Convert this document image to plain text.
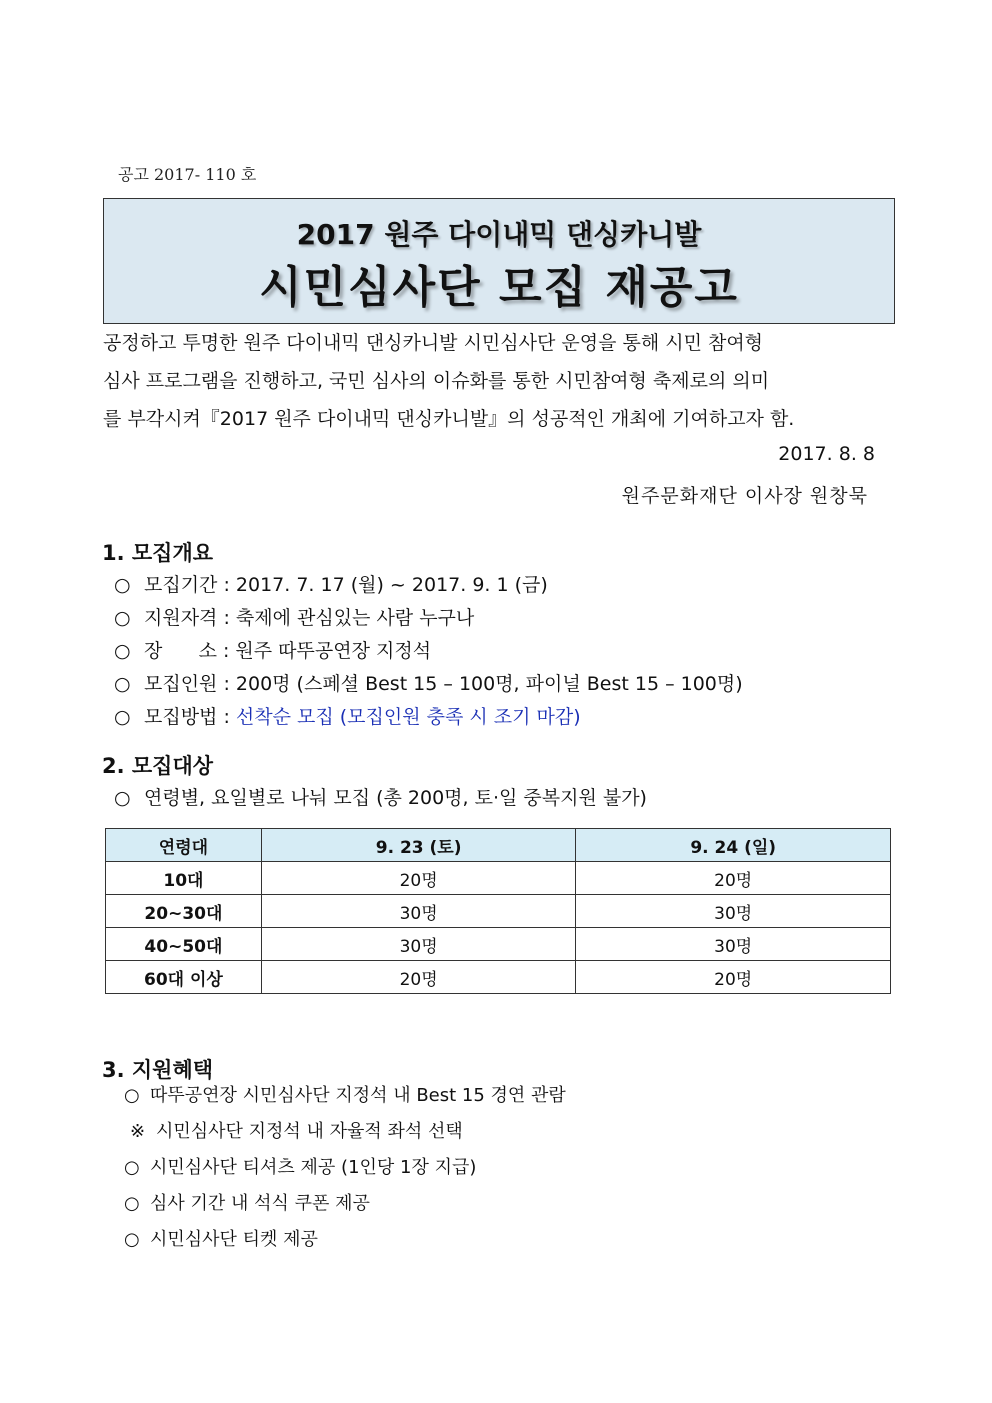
공고 2017- 110 호
2017 원주 다이내믹 댄싱카니발
시민심사단 모집 재공고

공정하고 투명한 원주 다이내믹 댄싱카니발 시민심사단 운영을 통해 시민 참여형

심사 프로그램을 진행하고, 국민 심사의 이슈화를 통한 시민참여형 축제로의 의미

를 부각시켜『2017 원주 다이내믹 댄싱카니발』의 성공적인 개최에 기여하고자 함.

2017. 8. 8
원주문화재단 이사장 원창묵
1. 모집개요
○ 모집기간 : 2017. 7. 17 (월) ~ 2017. 9. 1 (금)
○ 지원자격 : 축제에 관심있는 사람 누구나
○ 장      소 : 원주 따뚜공연장 지정석
○ 모집인원 : 200명 (스페셜 Best 15 – 100명, 파이널 Best 15 – 100명)
○ 모집방법 : 선착순 모집 (모집인원 충족 시 조기 마감)
2. 모집대상
○ 연령별, 요일별로 나눠 모집 (총 200명, 토·일 중복지원 불가)
연령대	9. 23 (토)	9. 24 (일)
10대	20명	20명
20~30대	30명	30명
40~50대	30명	30명
60대 이상	20명	20명
3. 지원혜택
○ 따뚜공연장 시민심사단 지정석 내 Best 15 경연 관람
※ 시민심사단 지정석 내 자율적 좌석 선택
○ 시민심사단 티셔츠 제공 (1인당 1장 지급)
○ 심사 기간 내 석식 쿠폰 제공
○ 시민심사단 티켓 제공
